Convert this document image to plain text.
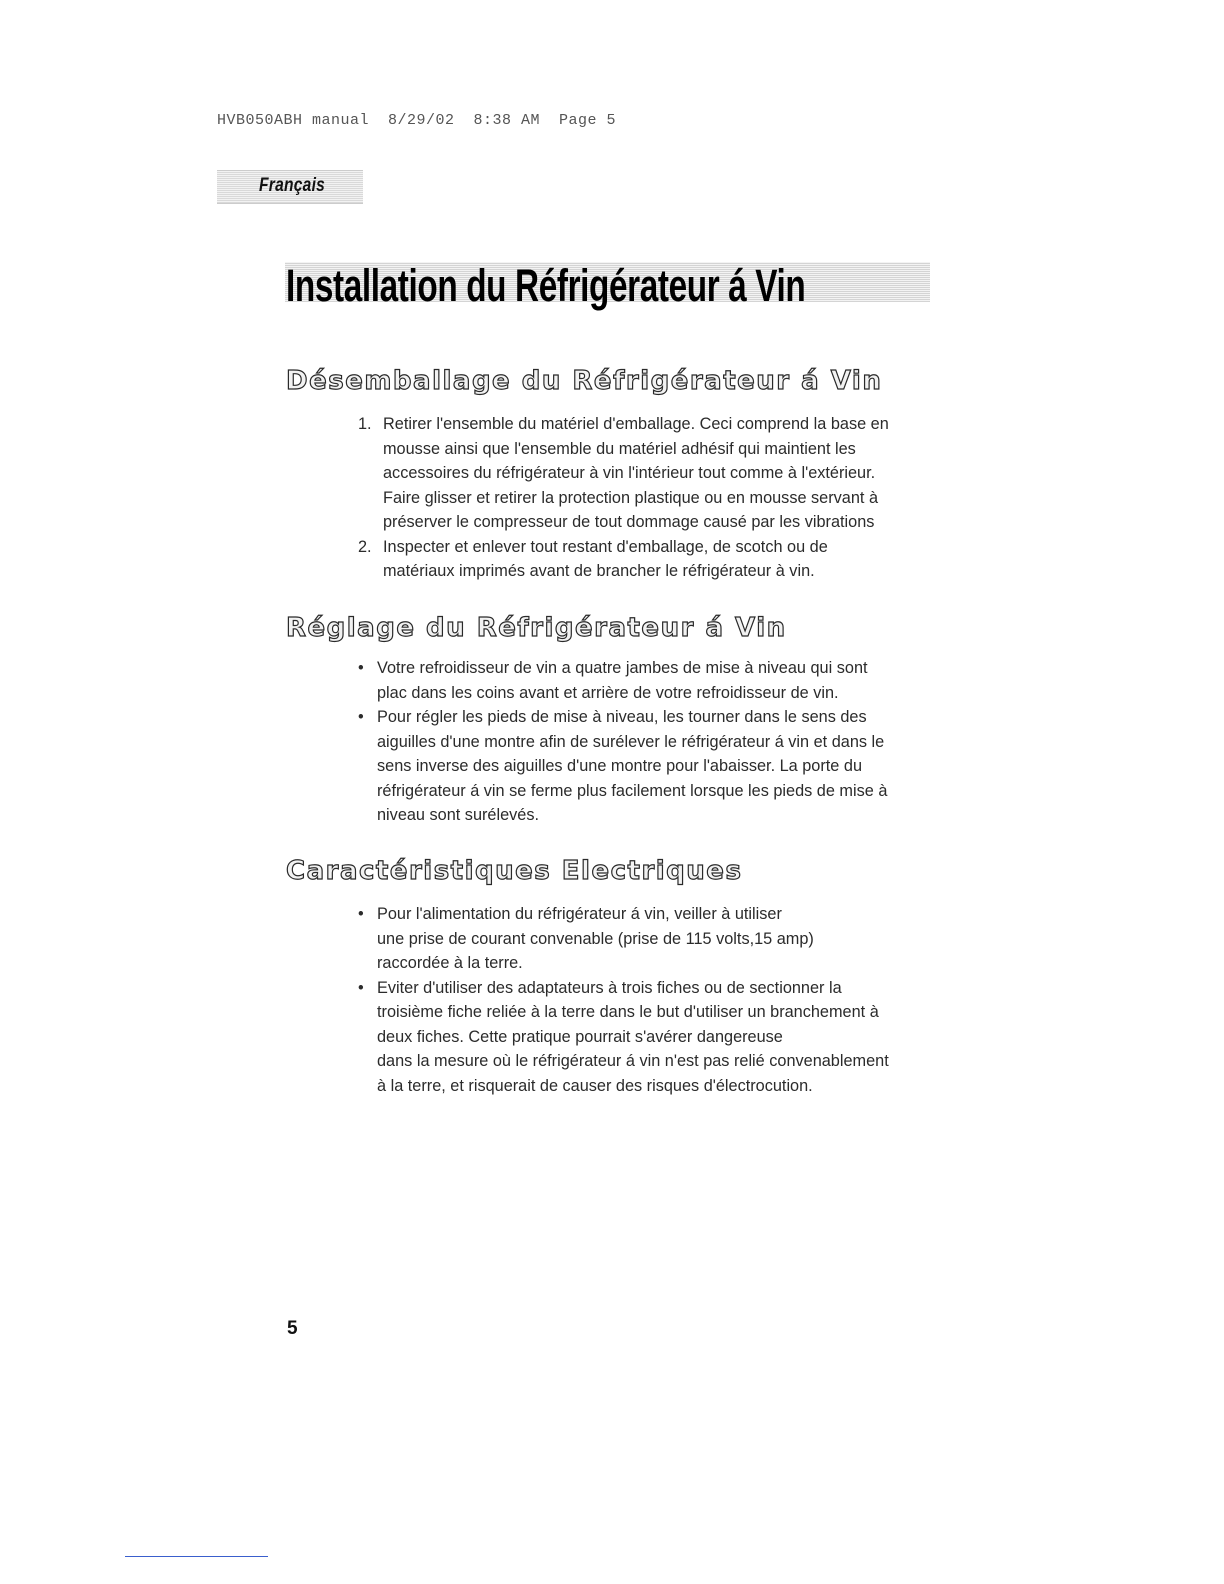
HVB050ABH manual  8/29/02  8:38 AM  Page 5
Français
Installation du Réfrigérateur á Vin
Désemballage du Réfrigérateur á Vin
1. Retirer l'ensemble du matériel d'emballage. Ceci comprend la base en
mousse ainsi que l'ensemble du matériel adhésif qui maintient les
accessoires du réfrigérateur à vin l'intérieur tout comme à l'extérieur.
Faire glisser et retirer la protection plastique ou en mousse servant à
préserver le compresseur de tout dommage causé par les vibrations
2. Inspecter et enlever tout restant d'emballage, de scotch ou de
matériaux imprimés avant de brancher le réfrigérateur à vin.
Réglage du Réfrigérateur á Vin
• Votre refroidisseur de vin a quatre jambes de mise à niveau qui sont
plac dans les coins avant et arrière de votre refroidisseur de vin.
• Pour régler les pieds de mise à niveau, les tourner dans le sens des
aiguilles d'une montre afin de surélever le réfrigérateur á vin et dans le
sens inverse des aiguilles d'une montre pour l'abaisser. La porte du
réfrigérateur á vin se ferme plus facilement lorsque les pieds de mise à
niveau sont surélevés.
Caractéristiques Electriques
• Pour l'alimentation du réfrigérateur á vin, veiller à utiliser
une prise de courant convenable (prise de 115 volts,15 amp)
raccordée à la terre.
• Eviter d'utiliser des adaptateurs à trois fiches ou de sectionner la
troisième fiche reliée à la terre dans le but d'utiliser un branchement à
deux fiches. Cette pratique pourrait s'avérer dangereuse
dans la mesure où le réfrigérateur á vin n'est pas relié convenablement
à la terre, et risquerait de causer des risques d'électrocution.
5
